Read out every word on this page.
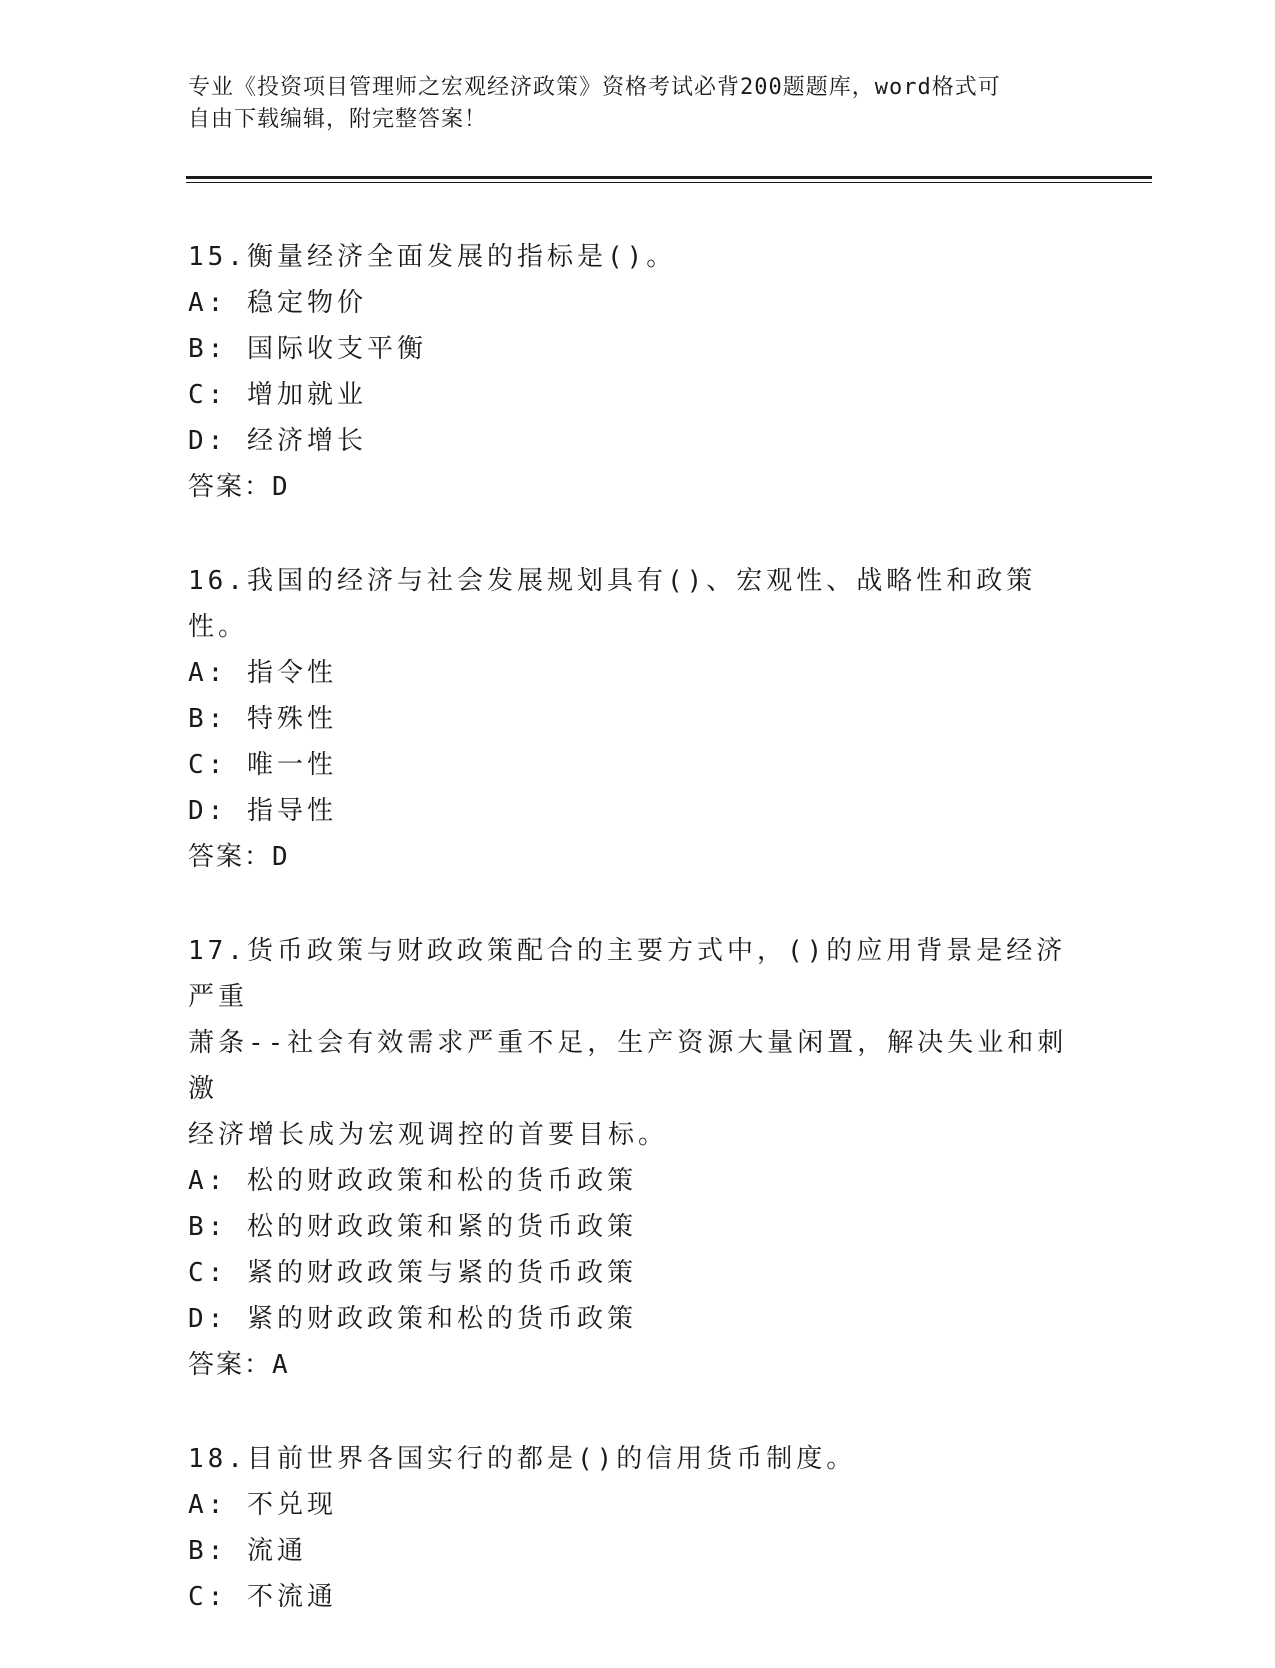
专业《投资项目管理师之宏观经济政策》资格考试必背200题题库，word格式可
自由下载编辑，附完整答案！
15.衡量经济全面发展的指标是()。
A: 稳定物价
B: 国际收支平衡
C: 增加就业
D: 经济增长
答案：D
16.我国的经济与社会发展规划具有()、宏观性、战略性和政策性。
A: 指令性
B: 特殊性
C: 唯一性
D: 指导性
答案：D
17.货币政策与财政政策配合的主要方式中，()的应用背景是经济严重
萧条--社会有效需求严重不足，生产资源大量闲置，解决失业和刺激
经济增长成为宏观调控的首要目标。
A: 松的财政政策和松的货币政策
B: 松的财政政策和紧的货币政策
C: 紧的财政政策与紧的货币政策
D: 紧的财政政策和松的货币政策
答案：A
18.目前世界各国实行的都是()的信用货币制度。
A: 不兑现
B: 流通
C: 不流通
